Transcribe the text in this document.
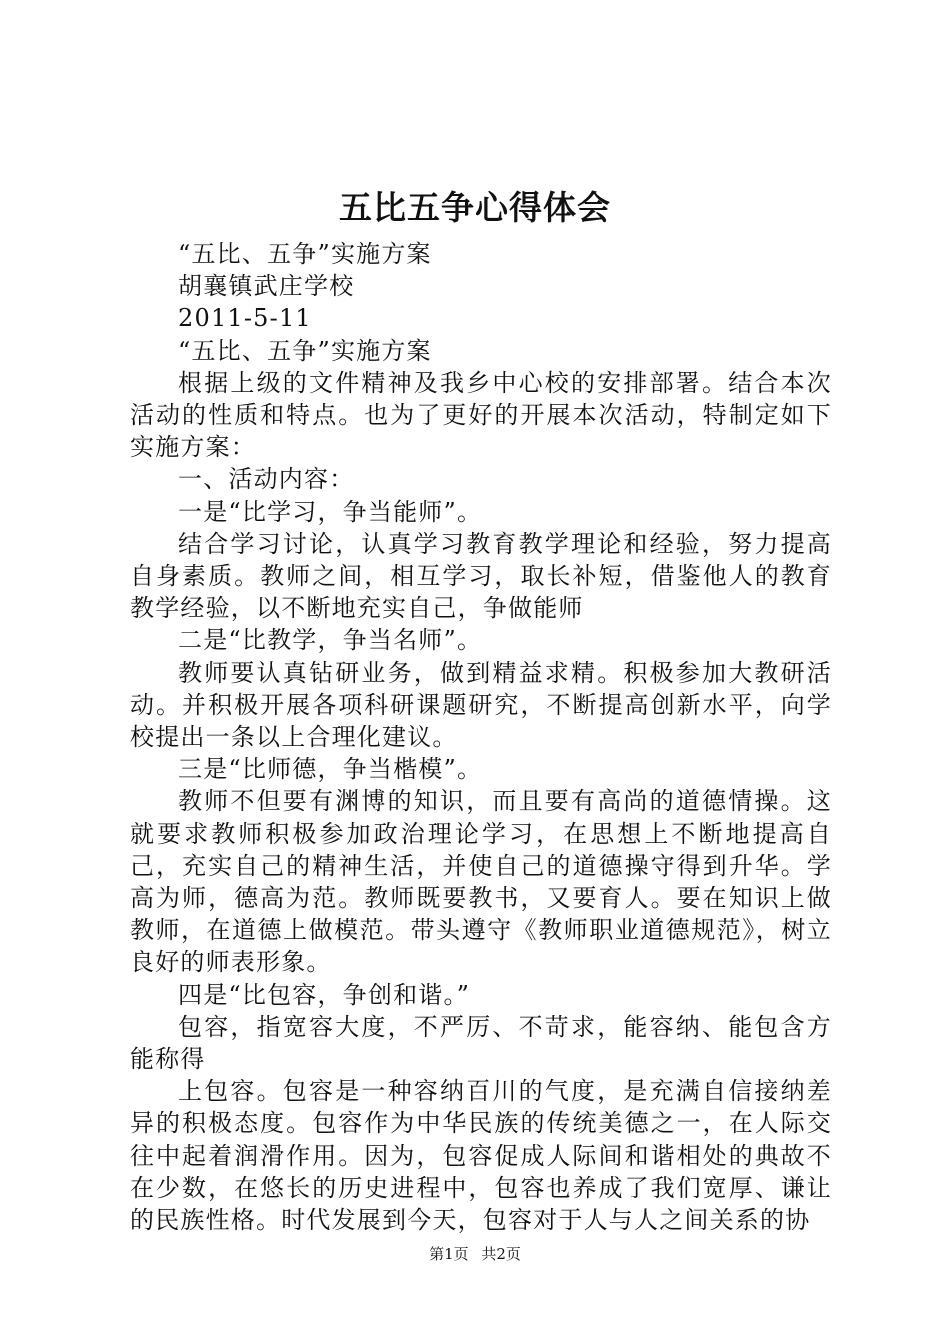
五比五争心得体会

“五比、五争”实施方案

胡襄镇武庄学校

2011-5-11

“五比、五争”实施方案

根据上级的文件精神及我乡中心校的安排部署。结合本次活动的性质和特点。也为了更好的开展本次活动，特制定如下实施方案：

一、活动内容：

一是“比学习，争当能师”。

结合学习讨论，认真学习教育教学理论和经验，努力提高自身素质。教师之间，相互学习，取长补短，借鉴他人的教育教学经验，以不断地充实自己，争做能师

二是“比教学，争当名师”。

教师要认真钻研业务，做到精益求精。积极参加大教研活动。并积极开展各项科研课题研究，不断提高创新水平，向学校提出一条以上合理化建议。

三是“比师德，争当楷模”。

教师不但要有渊博的知识，而且要有高尚的道德情操。这就要求教师积极参加政治理论学习，在思想上不断地提高自己，充实自己的精神生活，并使自己的道德操守得到升华。学高为师，德高为范。教师既要教书，又要育人。要在知识上做教师，在道德上做模范。带头遵守《教师职业道德规范》，树立良好的师表形象。

四是“比包容，争创和谐。”

包容，指宽容大度，不严厉、不苛求，能容纳、能包含方能称得

上包容。包容是一种容纳百川的气度，是充满自信接纳差异的积极态度。包容作为中华民族的传统美德之一，在人际交往中起着润滑作用。因为，包容促成人际间和谐相处的典故不在少数，在悠长的历史进程中，包容也养成了我们宽厚、谦让的民族性格。时代发展到今天，包容对于人与人之间关系的协

第1页 共2页
